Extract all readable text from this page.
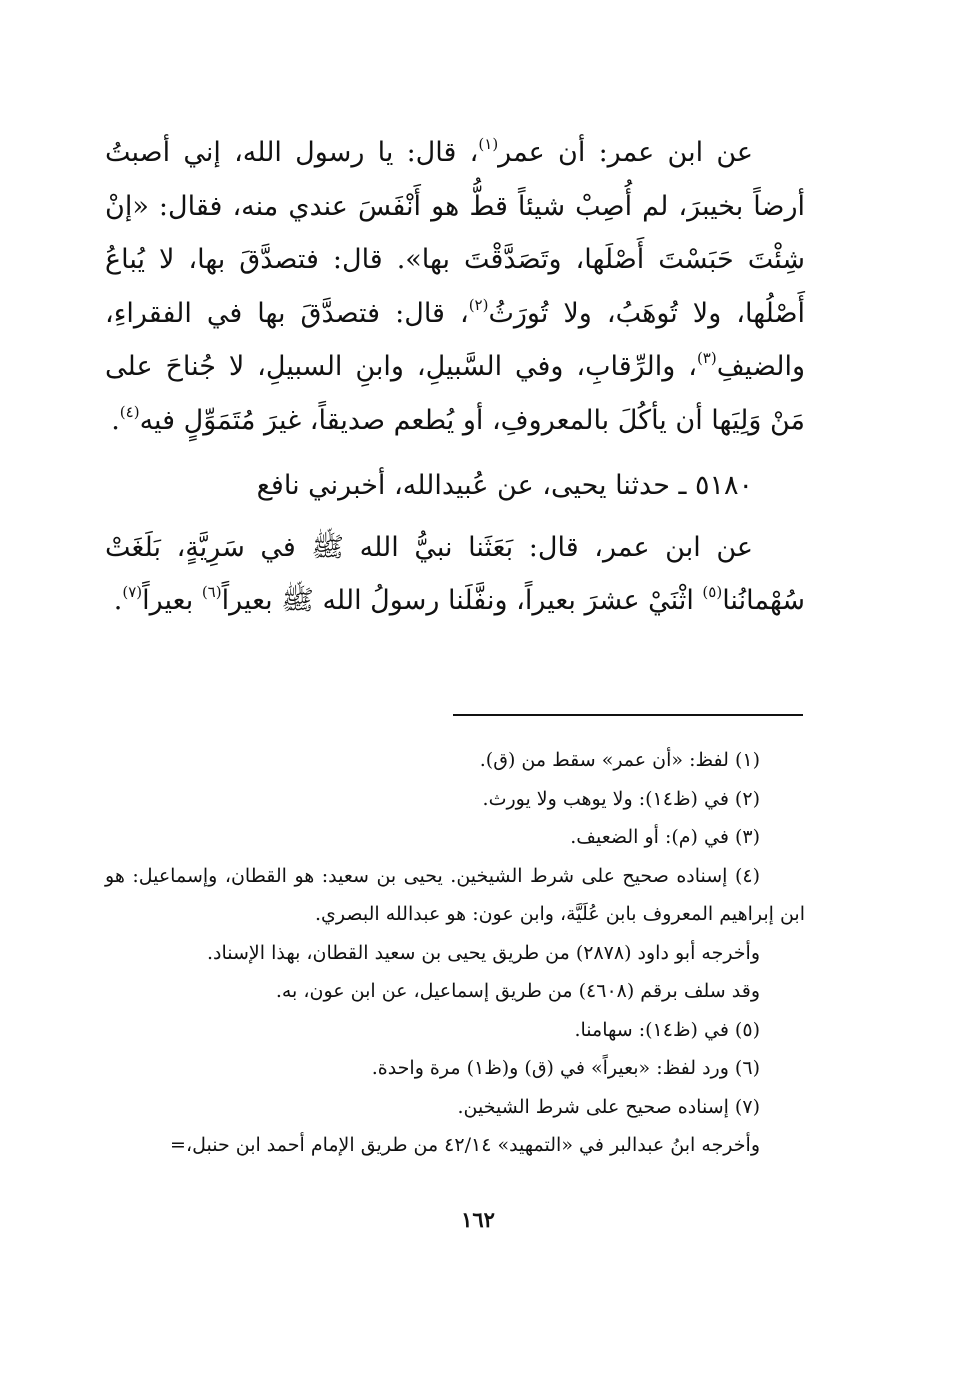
عن ابن عمر: أن عمر$^{(١)}$، قال: يا رسول الله، إني أصبتُ أرضاً بخيبرَ، لم أُصِبْ شيئاً قطُّ هو أَنْفَسَ عندي منه، فقال: «إنْ شِئْتَ حَبَسْتَ أَصْلَها، وتَصَدَّقْتَ بها». قال: فتصدَّقَ بها، لا يُباعُ أَصْلُها، ولا تُوهَبُ، ولا تُورَثُ$^{(٢)}$، قال: فتصدَّقَ بها في الفقراءِ، والضيفِ$^{(٣)}$، والرِّقابِ، وفي السَّبيلِ، وابنِ السبيلِ، لا جُناحَ على مَنْ وَلِيَها أن يأكُلَ بالمعروفِ، أو يُطعم صديقاً، غيرَ مُتَمَوِّلٍ فيه$^{(٤)}$.

٥١٨٠ ـ حدثنا يحيى، عن عُبيدالله، أخبرني نافع

عن ابن عمر، قال: بَعَثَنا نبيُّ الله ﷺ في سَرِيَّةٍ، بَلَغَتْ سُهْمانُنا$^{(٥)}$ اثْنَيْ عشرَ بعيراً، ونفَّلَنا رسولُ الله ﷺ بعيراً$^{(٦)}$ بعيراً$^{(٧)}$.

(١) لفظ: «أن عمر» سقط من (ق).

(٢) في (ظ١٤): ولا يوهب ولا يورث.

(٣) في (م): أو الضعيف.

(٤) إسناده صحيح على شرط الشيخين. يحيى بن سعيد: هو القطان، وإسماعيل: هو ابن إبراهيم المعروف بابن عُلَيَّة، وابن عون: هو عبدالله البصري.

وأخرجه أبو داود (٢٨٧٨) من طريق يحيى بن سعيد القطان، بهذا الإسناد.

وقد سلف برقم (٤٦٠٨) من طريق إسماعيل، عن ابن عون، به.

(٥) في (ظ١٤): سهامنا.

(٦) ورد لفظ: «بعيراً» في (ق) و(ظ١) مرة واحدة.

(٧) إسناده صحيح على شرط الشيخين.

وأخرجه ابنُ عبدالبر في «التمهيد» ٤٢/١٤ من طريق الإمام أحمد ابن حنبل،=

١٦٢
